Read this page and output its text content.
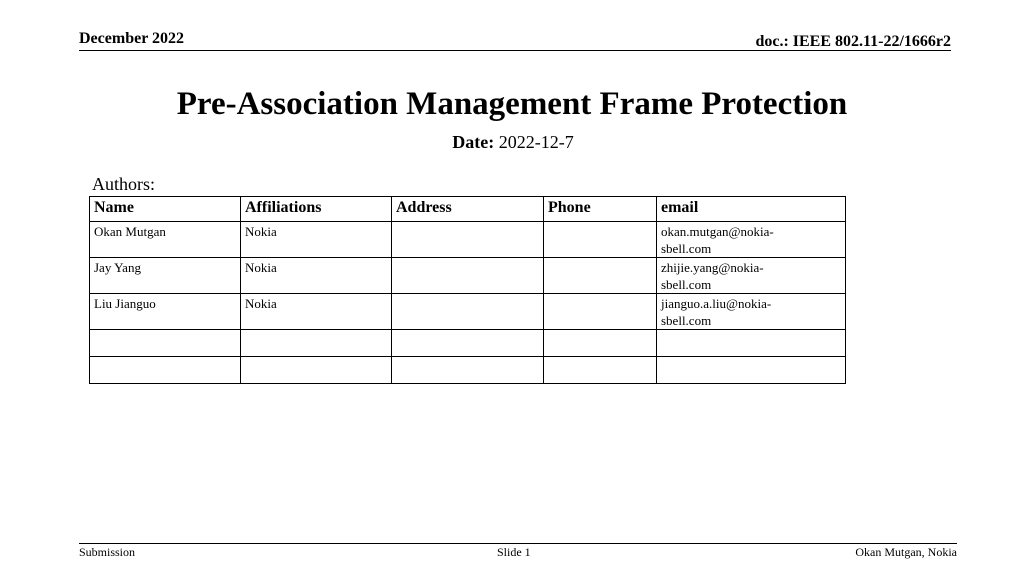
December 2022	doc.: IEEE 802.11-22/1666r2
Pre-Association Management Frame Protection
Date: 2022-12-7
Authors:
Name	Affiliations	Address	Phone	email
Okan Mutgan	Nokia			okan.mutgan@nokia-
sbell.com
Jay Yang	Nokia			zhijie.yang@nokia-
sbell.com
Liu Jianguo	Nokia			jianguo.a.liu@nokia-
sbell.com

Submission	Slide 1	Okan Mutgan, Nokia
